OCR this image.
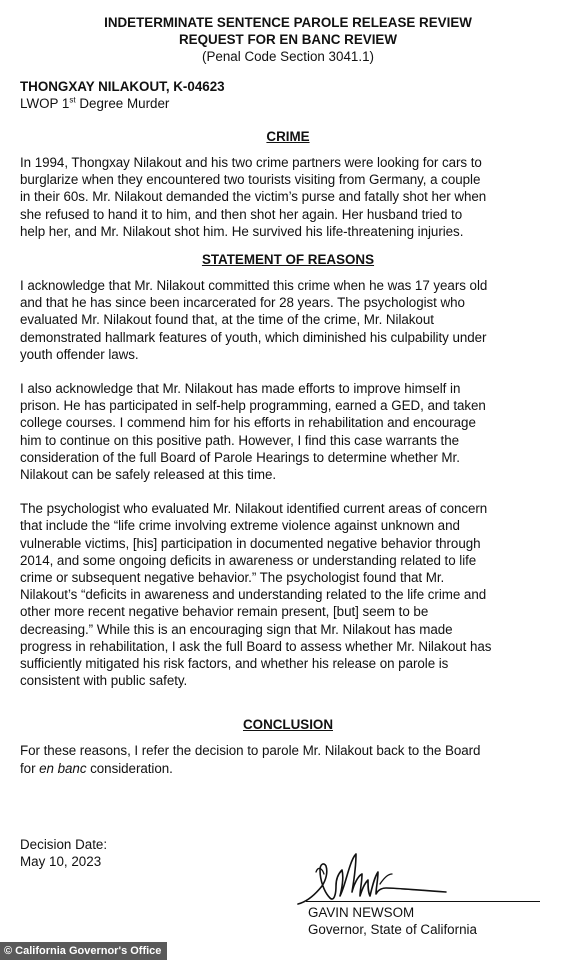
INDETERMINATE SENTENCE PAROLE RELEASE REVIEW
REQUEST FOR EN BANC REVIEW
(Penal Code Section 3041.1)
THONGXAY NILAKOUT, K-04623
LWOP 1st Degree Murder
CRIME
In 1994, Thongxay Nilakout and his two crime partners were looking for cars to
burglarize when they encountered two tourists visiting from Germany, a couple
in their 60s. Mr. Nilakout demanded the victim’s purse and fatally shot her when
she refused to hand it to him, and then shot her again. Her husband tried to
help her, and Mr. Nilakout shot him. He survived his life-threatening injuries.
STATEMENT OF REASONS
I acknowledge that Mr. Nilakout committed this crime when he was 17 years old
and that he has since been incarcerated for 28 years. The psychologist who
evaluated Mr. Nilakout found that, at the time of the crime, Mr. Nilakout
demonstrated hallmark features of youth, which diminished his culpability under
youth offender laws.
I also acknowledge that Mr. Nilakout has made efforts to improve himself in
prison. He has participated in self-help programming, earned a GED, and taken
college courses. I commend him for his efforts in rehabilitation and encourage
him to continue on this positive path. However, I find this case warrants the
consideration of the full Board of Parole Hearings to determine whether Mr.
Nilakout can be safely released at this time.
The psychologist who evaluated Mr. Nilakout identified current areas of concern
that include the “life crime involving extreme violence against unknown and
vulnerable victims, [his] participation in documented negative behavior through
2014, and some ongoing deficits in awareness or understanding related to life
crime or subsequent negative behavior.” The psychologist found that Mr.
Nilakout’s “deficits in awareness and understanding related to the life crime and
other more recent negative behavior remain present, [but] seem to be
decreasing.” While this is an encouraging sign that Mr. Nilakout has made
progress in rehabilitation, I ask the full Board to assess whether Mr. Nilakout has
sufficiently mitigated his risk factors, and whether his release on parole is
consistent with public safety.
CONCLUSION
For these reasons, I refer the decision to parole Mr. Nilakout back to the Board
for en banc consideration.
Decision Date:
May 10, 2023
GAVIN NEWSOM
Governor, State of California
© California Governor's Office
